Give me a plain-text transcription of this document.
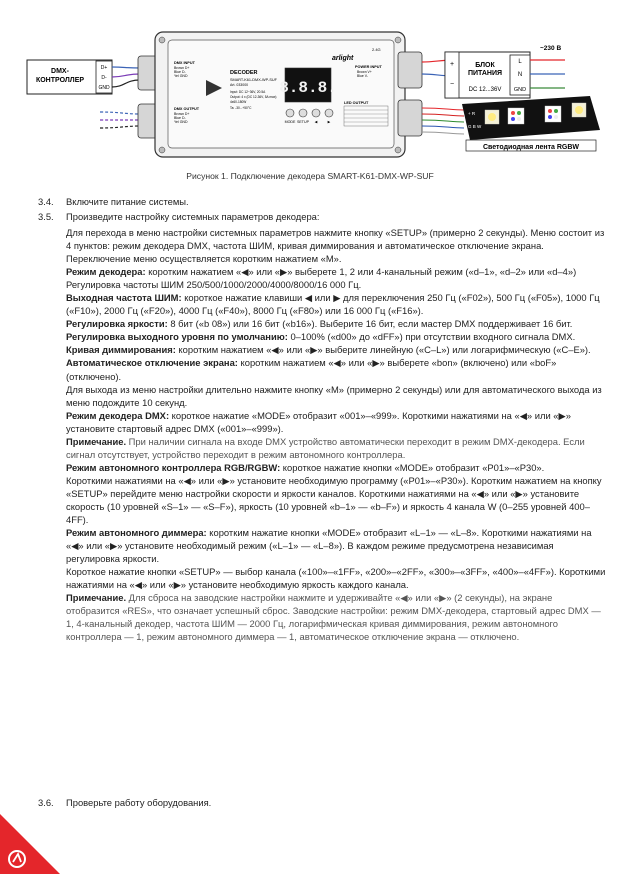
DMX-КОНТРОЛЛЕР
D+
D-
GND
DMX INPUT
Brown D+
Blue D-
Yel GND
DMX OUTPUT
Brown D+
Blue D-
Yel GND
DECODER
SMART-K61-DMX-WP-SUF
Art. 033000
Input: DC 12~36V, 20.5A
Output: 4 x (DC 12-36V, 5A max)
4x60-180W
Ta: -30...+50°C
arlight
2.4G
8.8.8.
MODE SETUP ◀	▶
POWER INPUT
Brown V+
Blue V-
LED OUTPUT
+
−
БЛОК ПИТАНИЯ
DC 12...36V
L
N
GND
~230 В
+ R
G B W
Светодиодная лента RGBW
Рисунок 1. Подключение декодера SMART-K61-DMX-WP-SUF
3.4. Включите питание системы.
3.5. Произведите настройку системных параметров декодера:

Для перехода в меню настройки системных параметров нажмите кнопку «SETUP» (примерно 2 секунды). Меню состоит из 4 пунктов: режим декодера DMX, частота ШИМ, кривая диммирования и автоматическое отключение экрана. Переключение меню осуществляется коротким нажатием «M».

Режим декодера: коротким нажатием «◀» или «▶» выберете 1, 2 или 4-канальный режим («d–1», «d–2» или «d–4»)

Регулировка частоты ШИМ 250/500/1000/2000/4000/8000/16 000 Гц.

Выходная частота ШИМ: короткое нажатие клавиши ◀ или ▶ для переключения 250 Гц («F02»), 500 Гц («F05»), 1000 Гц («F10»), 2000 Гц («F20»), 4000 Гц («F40»), 8000 Гц («F80») или 16 000 Гц («F16»).

Регулировка яркости: 8 бит («b 08») или 16 бит («b16»). Выберите 16 бит, если мастер DMX поддерживает 16 бит.

Регулировка выходного уровня по умолчанию: 0–100% («d00» до «dFF») при отсутствии входного сигнала DMX.

Кривая диммирования: коротким нажатием «◀» или «▶» выберите линейную («C–L») или логарифмическую («C–E»).

Автоматическое отключение экрана: коротким нажатием «◀» или «▶» выберете «bon» (включено) или «boF» (отключено).

Для выхода из меню настройки длительно нажмите кнопку «M» (примерно 2 секунды) или для автоматического выхода из меню подождите 10 секунд.

Режим декодера DMX: короткое нажатие «MODE» отобразит «001»–«999». Короткими нажатиями на «◀» или «▶» установите стартовый адрес DMX («001»–«999»).

Примечание. При наличии сигнала на входе DMX устройство автоматически переходит в режим DMX-декодера. Если сигнал отсутствует, устройство переходит в режим автономного контроллера.

Режим автономного контроллера RGB/RGBW: короткое нажатие кнопки «MODE» отобразит «P01»–«P30».

Короткими нажатиями на «◀» или «▶» установите необходимую программу («P01»–«P30»). Коротким нажатием на кнопку «SETUP» перейдите меню настройки скорости и яркости каналов. Короткими нажатиями на «◀» или «▶» установите скорость (10 уровней «S–1» — «S–F»), яркость (10 уровней «b–1» — «b–F») и яркость 4 канала W (0–255 уровней 400–4FF).

Режим автономного диммера: коротким нажатие кнопки «MODE» отобразит «L–1» — «L–8». Короткими нажатиями на «◀» или «▶» установите необходимый режим («L–1» — «L–8»). В каждом режиме предусмотрена независимая регулировка яркости.

Короткое нажатие кнопки «SETUP» — выбор канала («100»–«1FF», «200»–«2FF», «300»–«3FF», «400»–«4FF»). Короткими нажатиями на «◀» или «▶» установите необходимую яркость каждого канала.

Примечание. Для сброса на заводские настройки нажмите и удерживайте «◀» или «▶» (2 секунды), на экране отобразится «RES», что означает успешный сброс. Заводские настройки: режим DMX-декодера, стартовый адрес DMX — 1, 4-канальный декодер, частота ШИМ — 2000 Гц, логарифмическая кривая диммирования, режим автономного контроллера — 1, режим автономного диммера — 1, автоматическое отключение экрана — отключено.

3.6. Проверьте работу оборудования.
